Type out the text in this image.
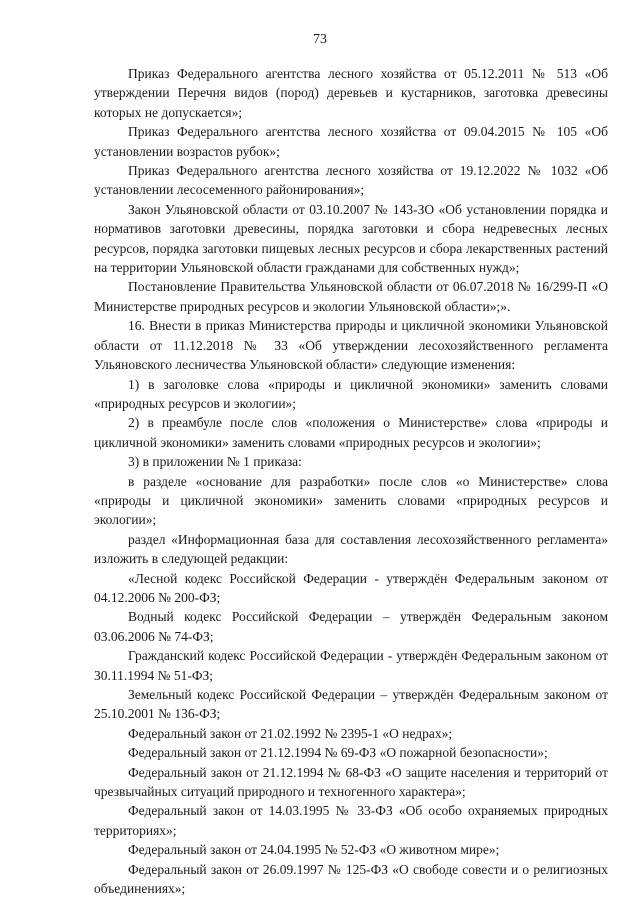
73

Приказ Федерального агентства лесного хозяйства от 05.12.2011 № 513 «Об утверждении Перечня видов (пород) деревьев и кустарников, заготовка древесины которых не допускается»;

Приказ Федерального агентства лесного хозяйства от 09.04.2015 № 105 «Об установлении возрастов рубок»;

Приказ Федерального агентства лесного хозяйства от 19.12.2022 № 1032 «Об установлении лесосеменного районирования»;

Закон Ульяновской области от 03.10.2007 № 143-ЗО «Об установлении порядка и нормативов заготовки древесины, порядка заготовки и сбора недревесных лесных ресурсов, порядка заготовки пищевых лесных ресурсов и сбора лекарственных растений на территории Ульяновской области гражданами для собственных нужд»;

Постановление Правительства Ульяновской области от 06.07.2018 № 16/299-П «О Министерстве природных ресурсов и экологии Ульяновской области»;».

16. Внести в приказ Министерства природы и цикличной экономики Ульяновской области от 11.12.2018 № 33 «Об утверждении лесохозяйственного регламента Ульяновского лесничества Ульяновской области» следующие изменения:

1) в заголовке слова «природы и цикличной экономики» заменить словами «природных ресурсов и экологии»;

2) в преамбуле после слов «положения о Министерстве» слова «природы и цикличной экономики» заменить словами «природных ресурсов и экологии»;

3) в приложении № 1 приказа:

в разделе «основание для разработки» после слов «о Министерстве» слова «природы и цикличной экономики» заменить словами «природных ресурсов и экологии»;

раздел «Информационная база для составления лесохозяйственного регламента» изложить в следующей редакции:

«Лесной кодекс Российской Федерации - утверждён Федеральным законом от 04.12.2006 № 200-ФЗ;

Водный кодекс Российской Федерации – утверждён Федеральным законом 03.06.2006 № 74-ФЗ;

Гражданский кодекс Российской Федерации - утверждён Федеральным законом от 30.11.1994 № 51-ФЗ;

Земельный кодекс Российской Федерации – утверждён Федеральным законом от 25.10.2001 № 136-ФЗ;

Федеральный закон от 21.02.1992 № 2395-1 «О недрах»;

Федеральный закон от 21.12.1994 № 69-ФЗ «О пожарной безопасности»;

Федеральный закон от 21.12.1994 № 68-ФЗ «О защите населения и территорий от чрезвычайных ситуаций природного и техногенного характера»;

Федеральный закон от 14.03.1995 № 33-ФЗ «Об особо охраняемых природных территориях»;

Федеральный закон от 24.04.1995 № 52-ФЗ «О животном мире»;

Федеральный закон от 26.09.1997 № 125-ФЗ «О свободе совести и о религиозных объединениях»;
